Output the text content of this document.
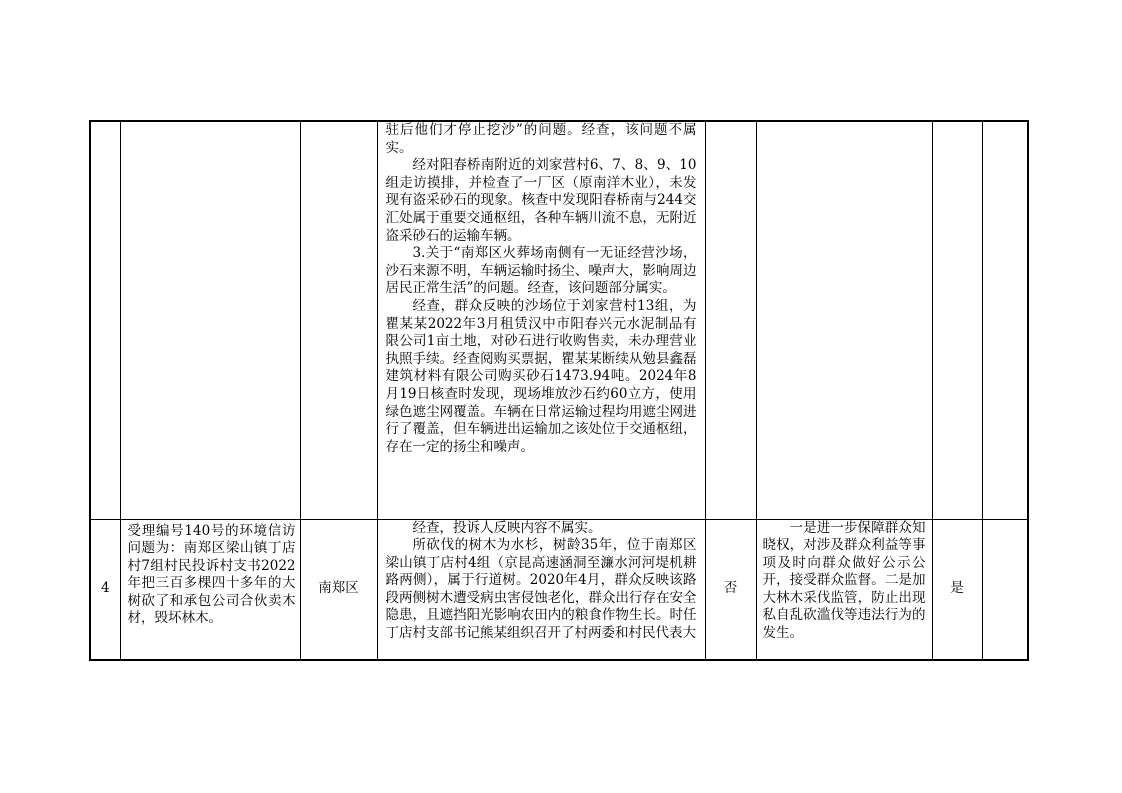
驻后他们才停止挖沙”的问题。经查，该问题不属实。

经对阳春桥南附近的刘家营村6、7、8、9、10组走访摸排，并检查了一厂区（原南洋木业），未发现有盗采砂石的现象。核查中发现阳春桥南与244交汇处属于重要交通枢纽，各种车辆川流不息，无附近盗采砂石的运输车辆。

3.关于“南郑区火葬场南侧有一无证经营沙场，沙石来源不明，车辆运输时扬尘、噪声大，影响周边居民正常生活”的问题。经查，该问题部分属实。

经查，群众反映的沙场位于刘家营村13组，为瞿某某2022年3月租赁汉中市阳春兴元水泥制品有限公司1亩土地，对砂石进行收购售卖，未办理营业执照手续。经查阅购买票据，瞿某某断续从勉县鑫磊建筑材料有限公司购买砂石1473.94吨。2024年8月19日核查时发现，现场堆放沙石约60立方，使用绿色遮尘网覆盖。车辆在日常运输过程均用遮尘网进行了覆盖，但车辆进出运输加之该处位于交通枢纽，存在一定的扬尘和噪声。				

4	受理编号140号的环境信访问题为：南郑区梁山镇丁店村7组村民投诉村支书2022年把三百多棵四十多年的大树砍了和承包公司合伙卖木材，毁坏林木。	南郑区	经查，投诉人反映内容不属实。

所砍伐的树木为水杉，树龄35年，位于南郑区梁山镇丁店村4组（京昆高速涵洞至濂水河河堤机耕路两侧），属于行道树。2020年4月，群众反映该路段两侧树木遭受病虫害侵蚀老化，群众出行存在安全隐患，且遮挡阳光影响农田内的粮食作物生长。时任丁店村支部书记熊某组织召开了村两委和村民代表大	否	一是进一步保障群众知晓权，对涉及群众利益等事项及时向群众做好公示公开，接受群众监督。二是加大林木采伐监管，防止出现私自乱砍滥伐等违法行为的发生。	是	
